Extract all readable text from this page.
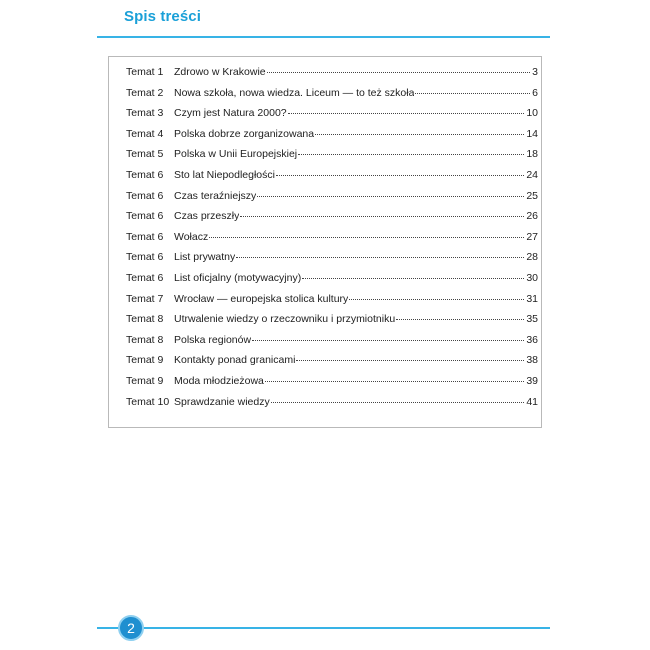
Spis treści
Temat 1	Zdrowo w Krakowie	3
Temat 2	Nowa szkoła, nowa wiedza. Liceum — to też szkoła	6
Temat 3	Czym jest Natura 2000?	10
Temat 4	Polska dobrze zorganizowana	14
Temat 5	Polska w Unii Europejskiej	18
Temat 6	Sto lat Niepodległości	24
Temat 6	Czas teraźniejszy	25
Temat 6	Czas przeszły	26
Temat 6	Wołacz	27
Temat 6	List prywatny	28
Temat 6	List oficjalny (motywacyjny)	30
Temat 7	Wrocław — europejska stolica kultury	31
Temat 8	Utrwalenie wiedzy o rzeczowniku i przymiotniku	35
Temat 8	Polska regionów	36
Temat 9	Kontakty ponad granicami	38
Temat 9	Moda młodzieżowa	39
Temat 10 Sprawdzanie wiedzy	41
2
